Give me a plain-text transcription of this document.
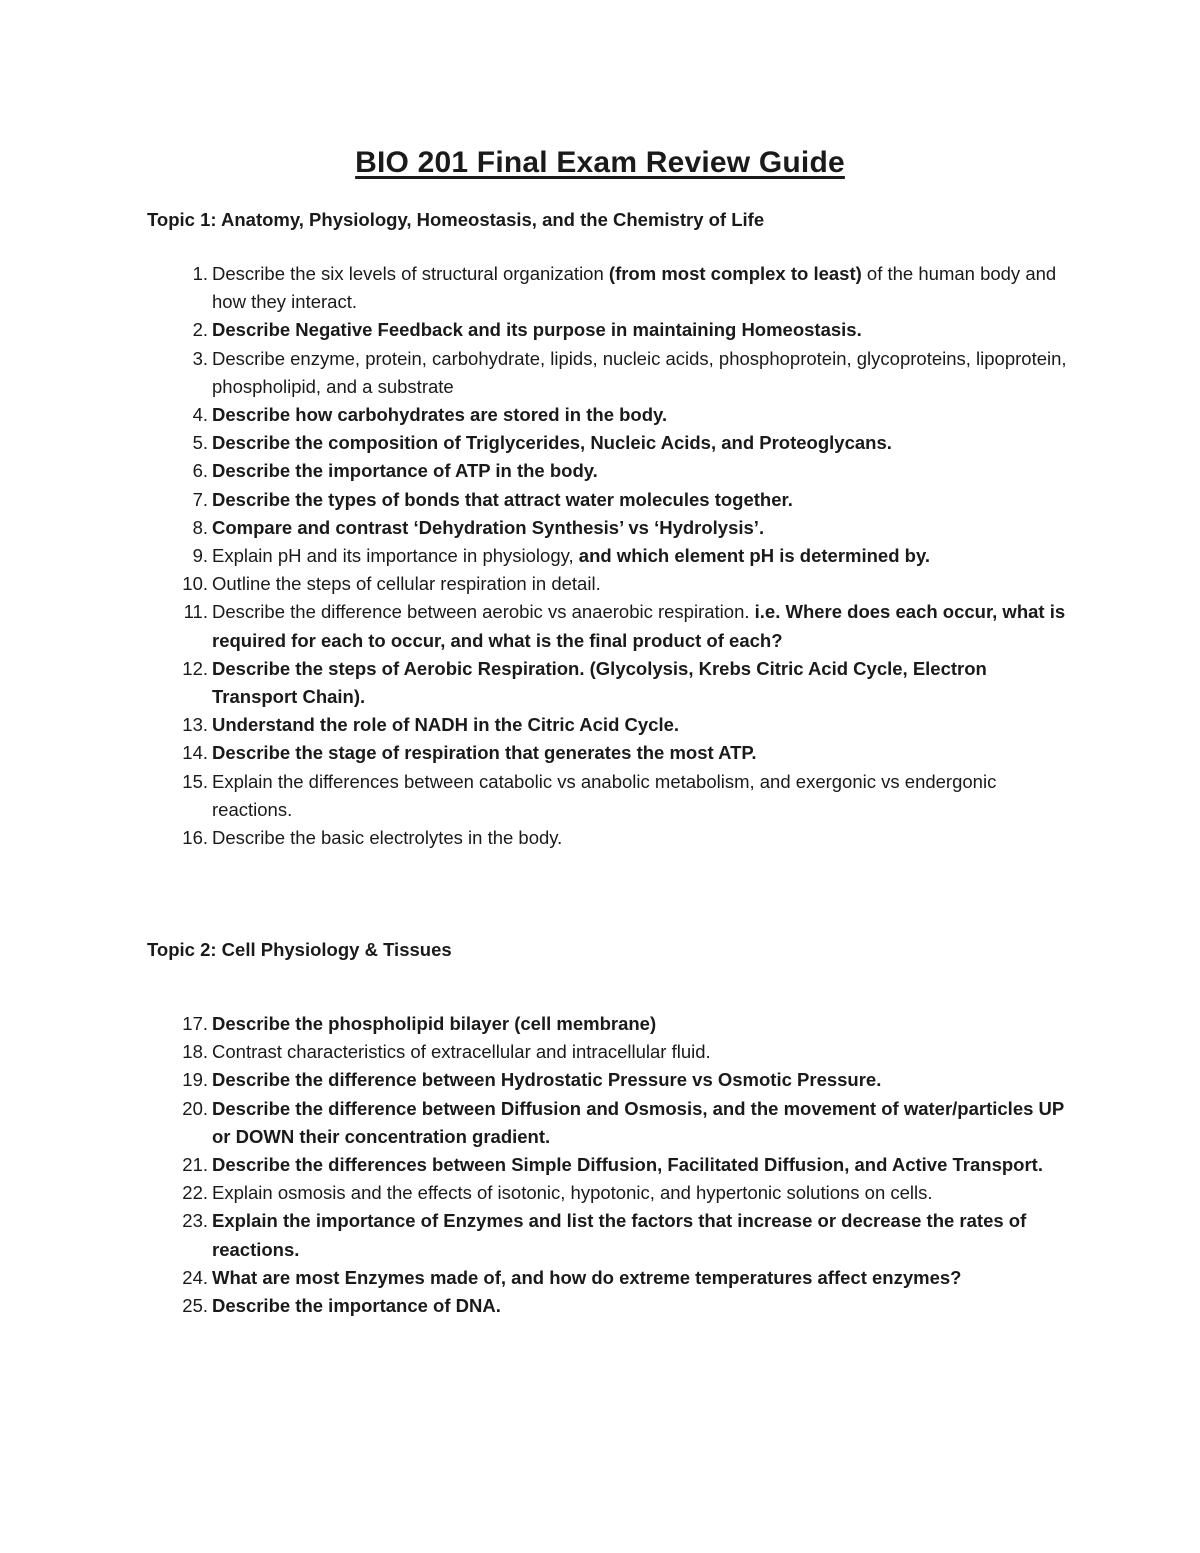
BIO 201 Final Exam Review Guide
Topic 1: Anatomy, Physiology, Homeostasis, and the Chemistry of Life
1. Describe the six levels of structural organization (from most complex to least) of the human body and how they interact.
2. Describe Negative Feedback and its purpose in maintaining Homeostasis.
3. Describe enzyme, protein, carbohydrate, lipids, nucleic acids, phosphoprotein, glycoproteins, lipoprotein, phospholipid, and a substrate
4. Describe how carbohydrates are stored in the body.
5. Describe the composition of Triglycerides, Nucleic Acids, and Proteoglycans.
6. Describe the importance of ATP in the body.
7. Describe the types of bonds that attract water molecules together.
8. Compare and contrast ‘Dehydration Synthesis’ vs ‘Hydrolysis’.
9. Explain pH and its importance in physiology, and which element pH is determined by.
10. Outline the steps of cellular respiration in detail.
11. Describe the difference between aerobic vs anaerobic respiration. i.e. Where does each occur, what is required for each to occur, and what is the final product of each?
12. Describe the steps of Aerobic Respiration. (Glycolysis, Krebs Citric Acid Cycle, Electron Transport Chain).
13. Understand the role of NADH in the Citric Acid Cycle.
14. Describe the stage of respiration that generates the most ATP.
15. Explain the differences between catabolic vs anabolic metabolism, and exergonic vs endergonic reactions.
16. Describe the basic electrolytes in the body.
Topic 2: Cell Physiology & Tissues
17. Describe the phospholipid bilayer (cell membrane)
18. Contrast characteristics of extracellular and intracellular fluid.
19. Describe the difference between Hydrostatic Pressure vs Osmotic Pressure.
20. Describe the difference between Diffusion and Osmosis, and the movement of water/particles UP or DOWN their concentration gradient.
21. Describe the differences between Simple Diffusion, Facilitated Diffusion, and Active Transport.
22. Explain osmosis and the effects of isotonic, hypotonic, and hypertonic solutions on cells.
23. Explain the importance of Enzymes and list the factors that increase or decrease the rates of reactions.
24. What are most Enzymes made of, and how do extreme temperatures affect enzymes?
25. Describe the importance of DNA.
